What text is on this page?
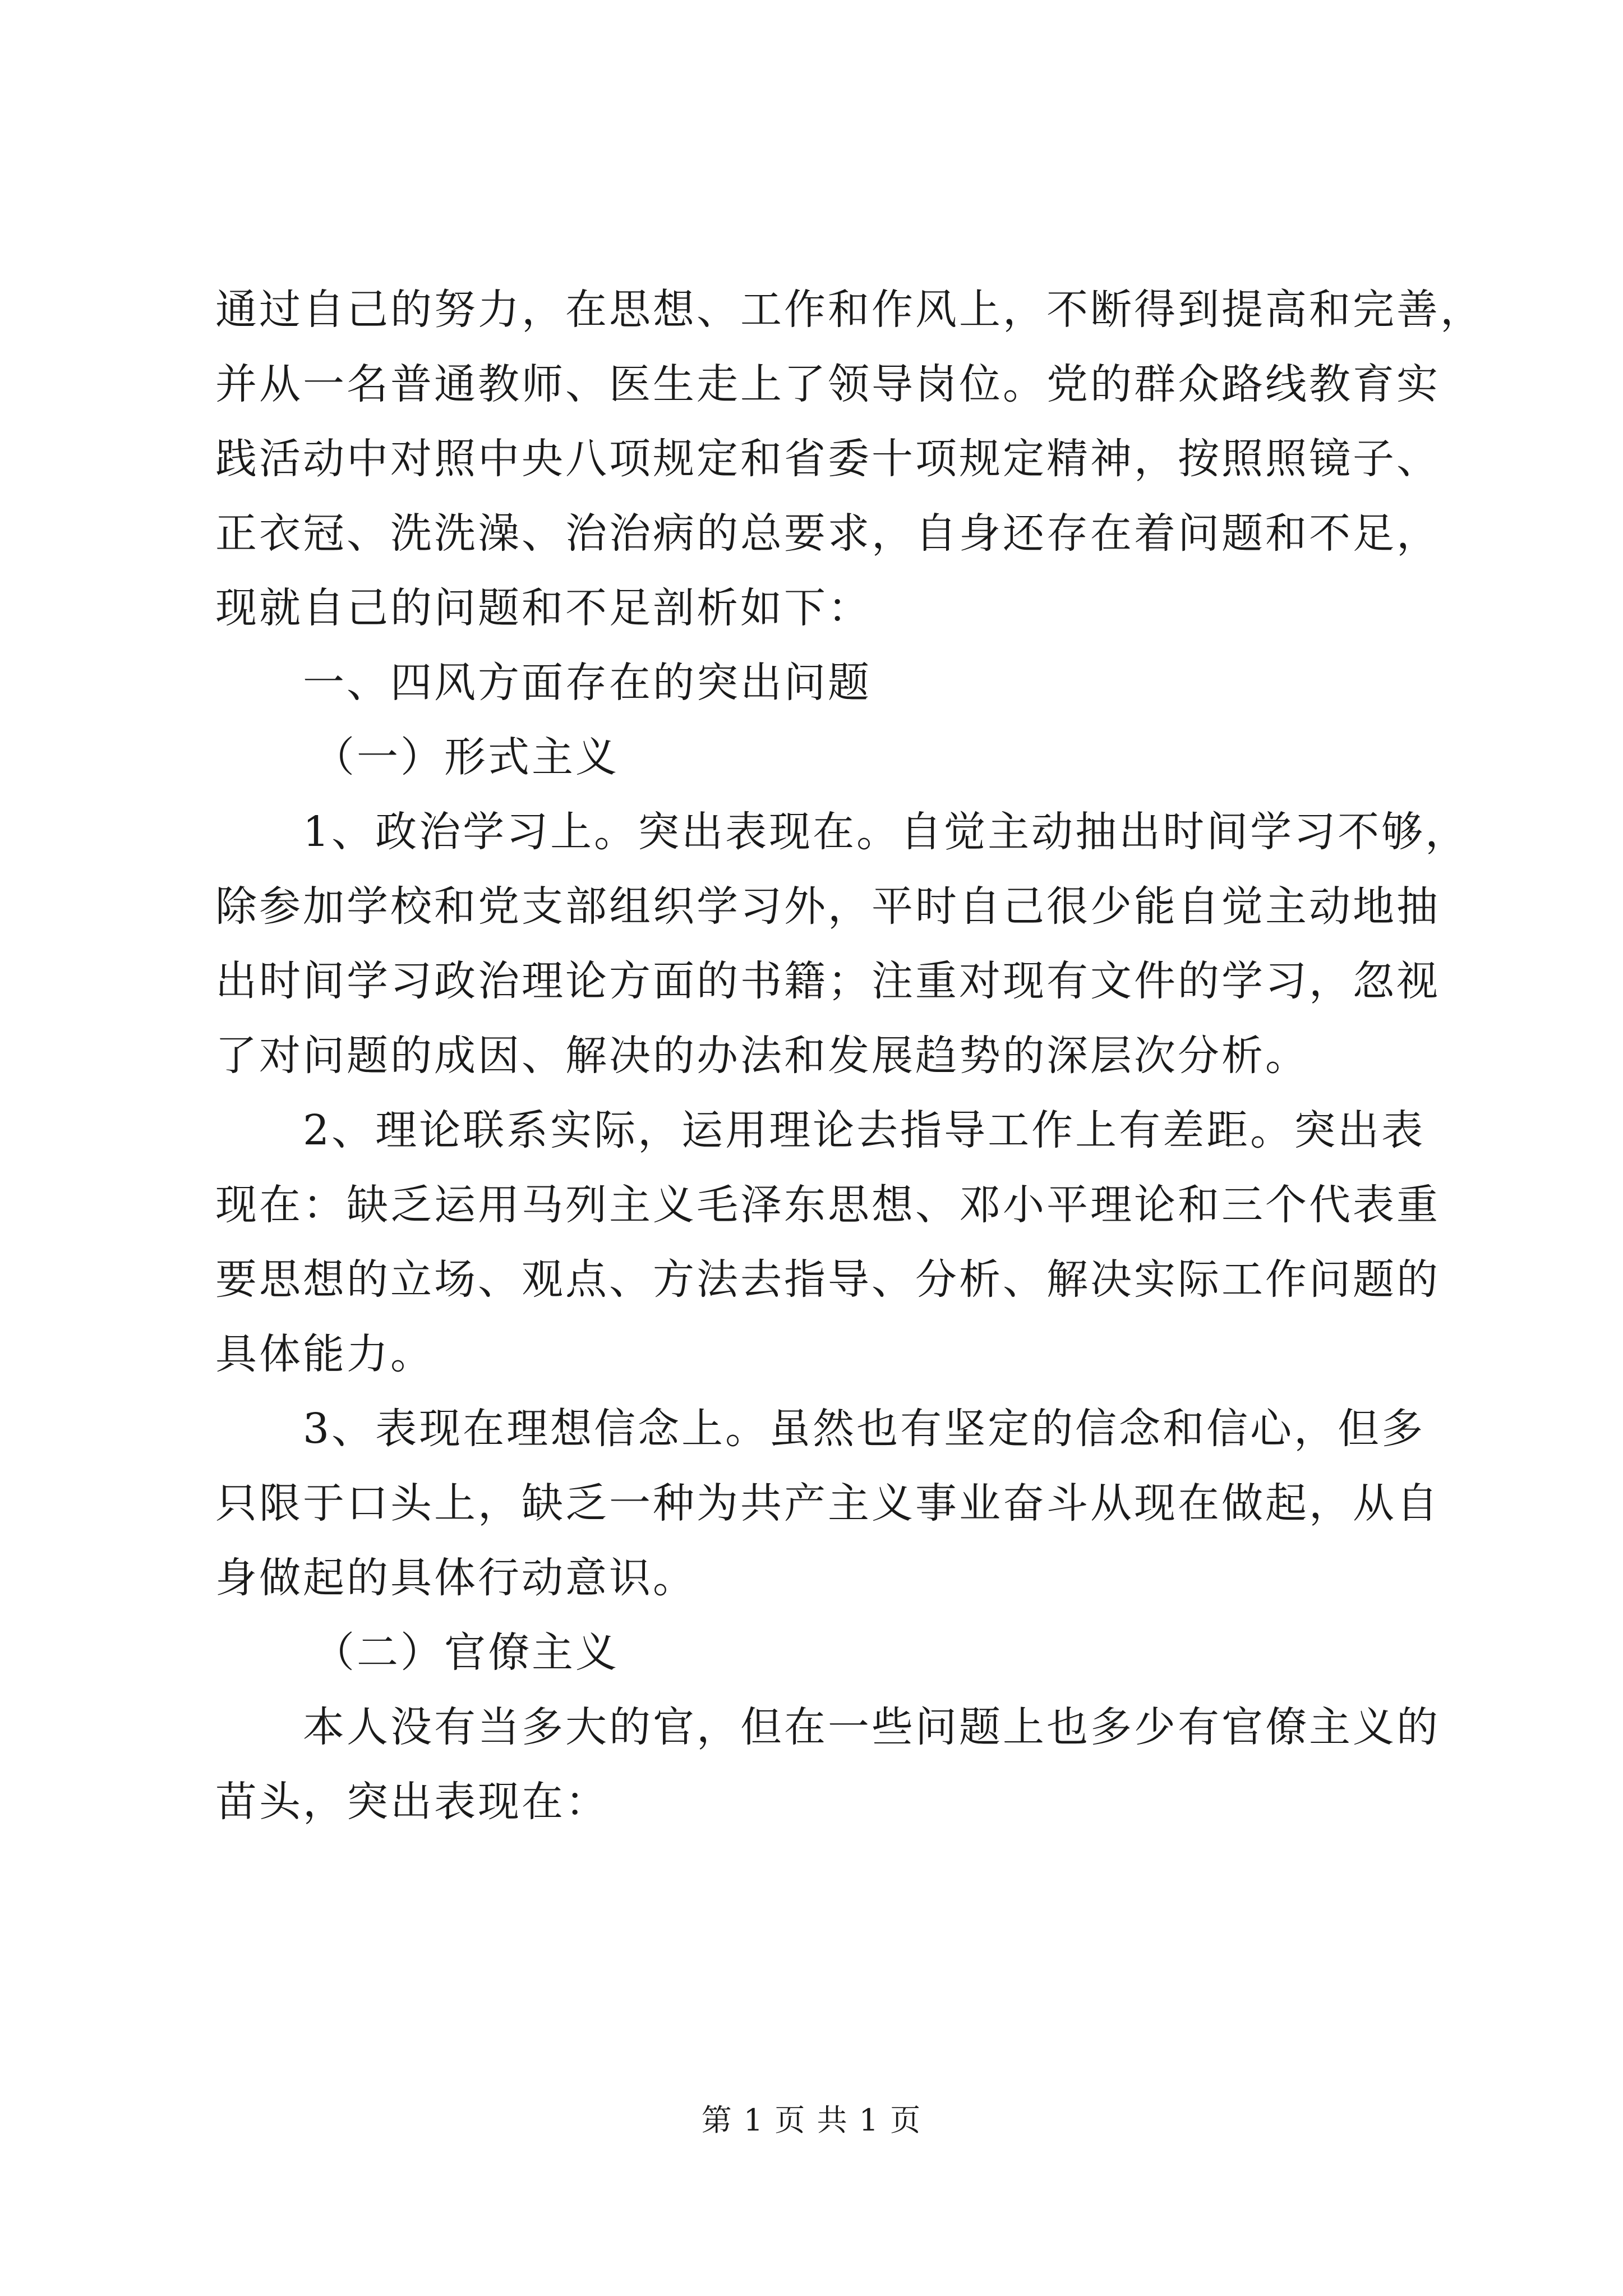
通过自己的努力，在思想、工作和作风上，不断得到提高和完善，
并从一名普通教师、医生走上了领导岗位。党的群众路线教育实
践活动中对照中央八项规定和省委十项规定精神，按照照镜子、
正衣冠、洗洗澡、治治病的总要求，自身还存在着问题和不足，
现就自己的问题和不足剖析如下：
一、四风方面存在的突出问题
（一）形式主义
1、政治学习上。突出表现在。自觉主动抽出时间学习不够，
除参加学校和党支部组织学习外，平时自己很少能自觉主动地抽
出时间学习政治理论方面的书籍；注重对现有文件的学习，忽视
了对问题的成因、解决的办法和发展趋势的深层次分析。
2、理论联系实际，运用理论去指导工作上有差距。突出表
现在：缺乏运用马列主义毛泽东思想、邓小平理论和三个代表重
要思想的立场、观点、方法去指导、分析、解决实际工作问题的
具体能力。
3、表现在理想信念上。虽然也有坚定的信念和信心，但多
只限于口头上，缺乏一种为共产主义事业奋斗从现在做起，从自
身做起的具体行动意识。
（二）官僚主义
本人没有当多大的官，但在一些问题上也多少有官僚主义的
苗头，突出表现在：
第 1 页 共 1 页
